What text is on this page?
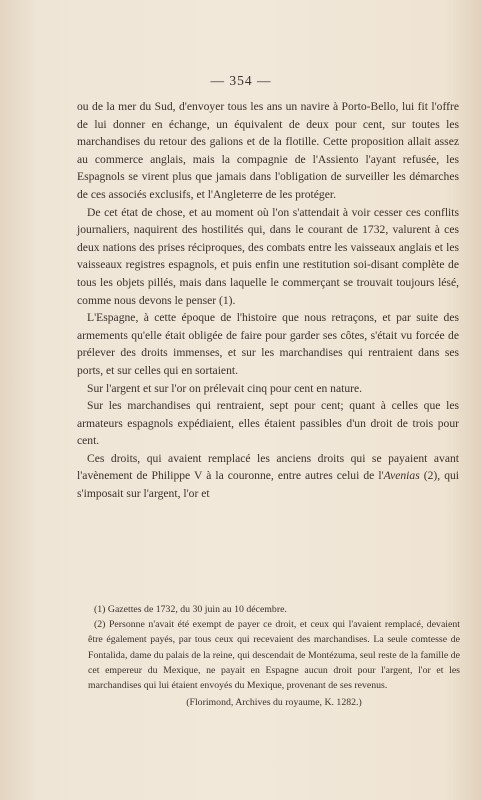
— 354 —

ou de la mer du Sud, d'envoyer tous les ans un navire à Porto-Bello, lui fit l'offre de lui donner en échange, un équivalent de deux pour cent, sur toutes les marchandises du retour des galions et de la flotille. Cette proposition allait assez au commerce anglais, mais la compagnie de l'Assiento l'ayant refusée, les Espagnols se virent plus que jamais dans l'obligation de surveiller les démarches de ces associés exclusifs, et l'Angleterre de les protéger.

De cet état de chose, et au moment où l'on s'attendait à voir cesser ces conflits journaliers, naquirent des hostilités qui, dans le courant de 1732, valurent à ces deux nations des prises réciproques, des combats entre les vaisseaux anglais et les vaisseaux registres espagnols, et puis enfin une restitution soi-disant complète de tous les objets pillés, mais dans laquelle le commerçant se trouvait toujours lésé, comme nous devons le penser (1).

L'Espagne, à cette époque de l'histoire que nous retraçons, et par suite des armements qu'elle était obligée de faire pour garder ses côtes, s'était vu forcée de prélever des droits immenses, et sur les marchandises qui rentraient dans ses ports, et sur celles qui en sortaient.

Sur l'argent et sur l'or on prélevait cinq pour cent en nature.

Sur les marchandises qui rentraient, sept pour cent; quant à celles que les armateurs espagnols expédiaient, elles étaient passibles d'un droit de trois pour cent.

Ces droits, qui avaient remplacé les anciens droits qui se payaient avant l'avènement de Philippe V à la couronne, entre autres celui de l'Avenias (2), qui s'imposait sur l'argent, l'or et

(1) Gazettes de 1732, du 30 juin au 10 décembre.

(2) Personne n'avait été exempt de payer ce droit, et ceux qui l'avaient remplacé, devaient être également payés, par tous ceux qui recevaient des marchandises. La seule comtesse de Fontalida, dame du palais de la reine, qui descendait de Montézuma, seul reste de la famille de cet empereur du Mexique, ne payait en Espagne aucun droit pour l'argent, l'or et les marchandises qui lui étaient envoyés du Mexique, provenant de ses revenus.

(Florimond, Archives du royaume, K. 1282.)
